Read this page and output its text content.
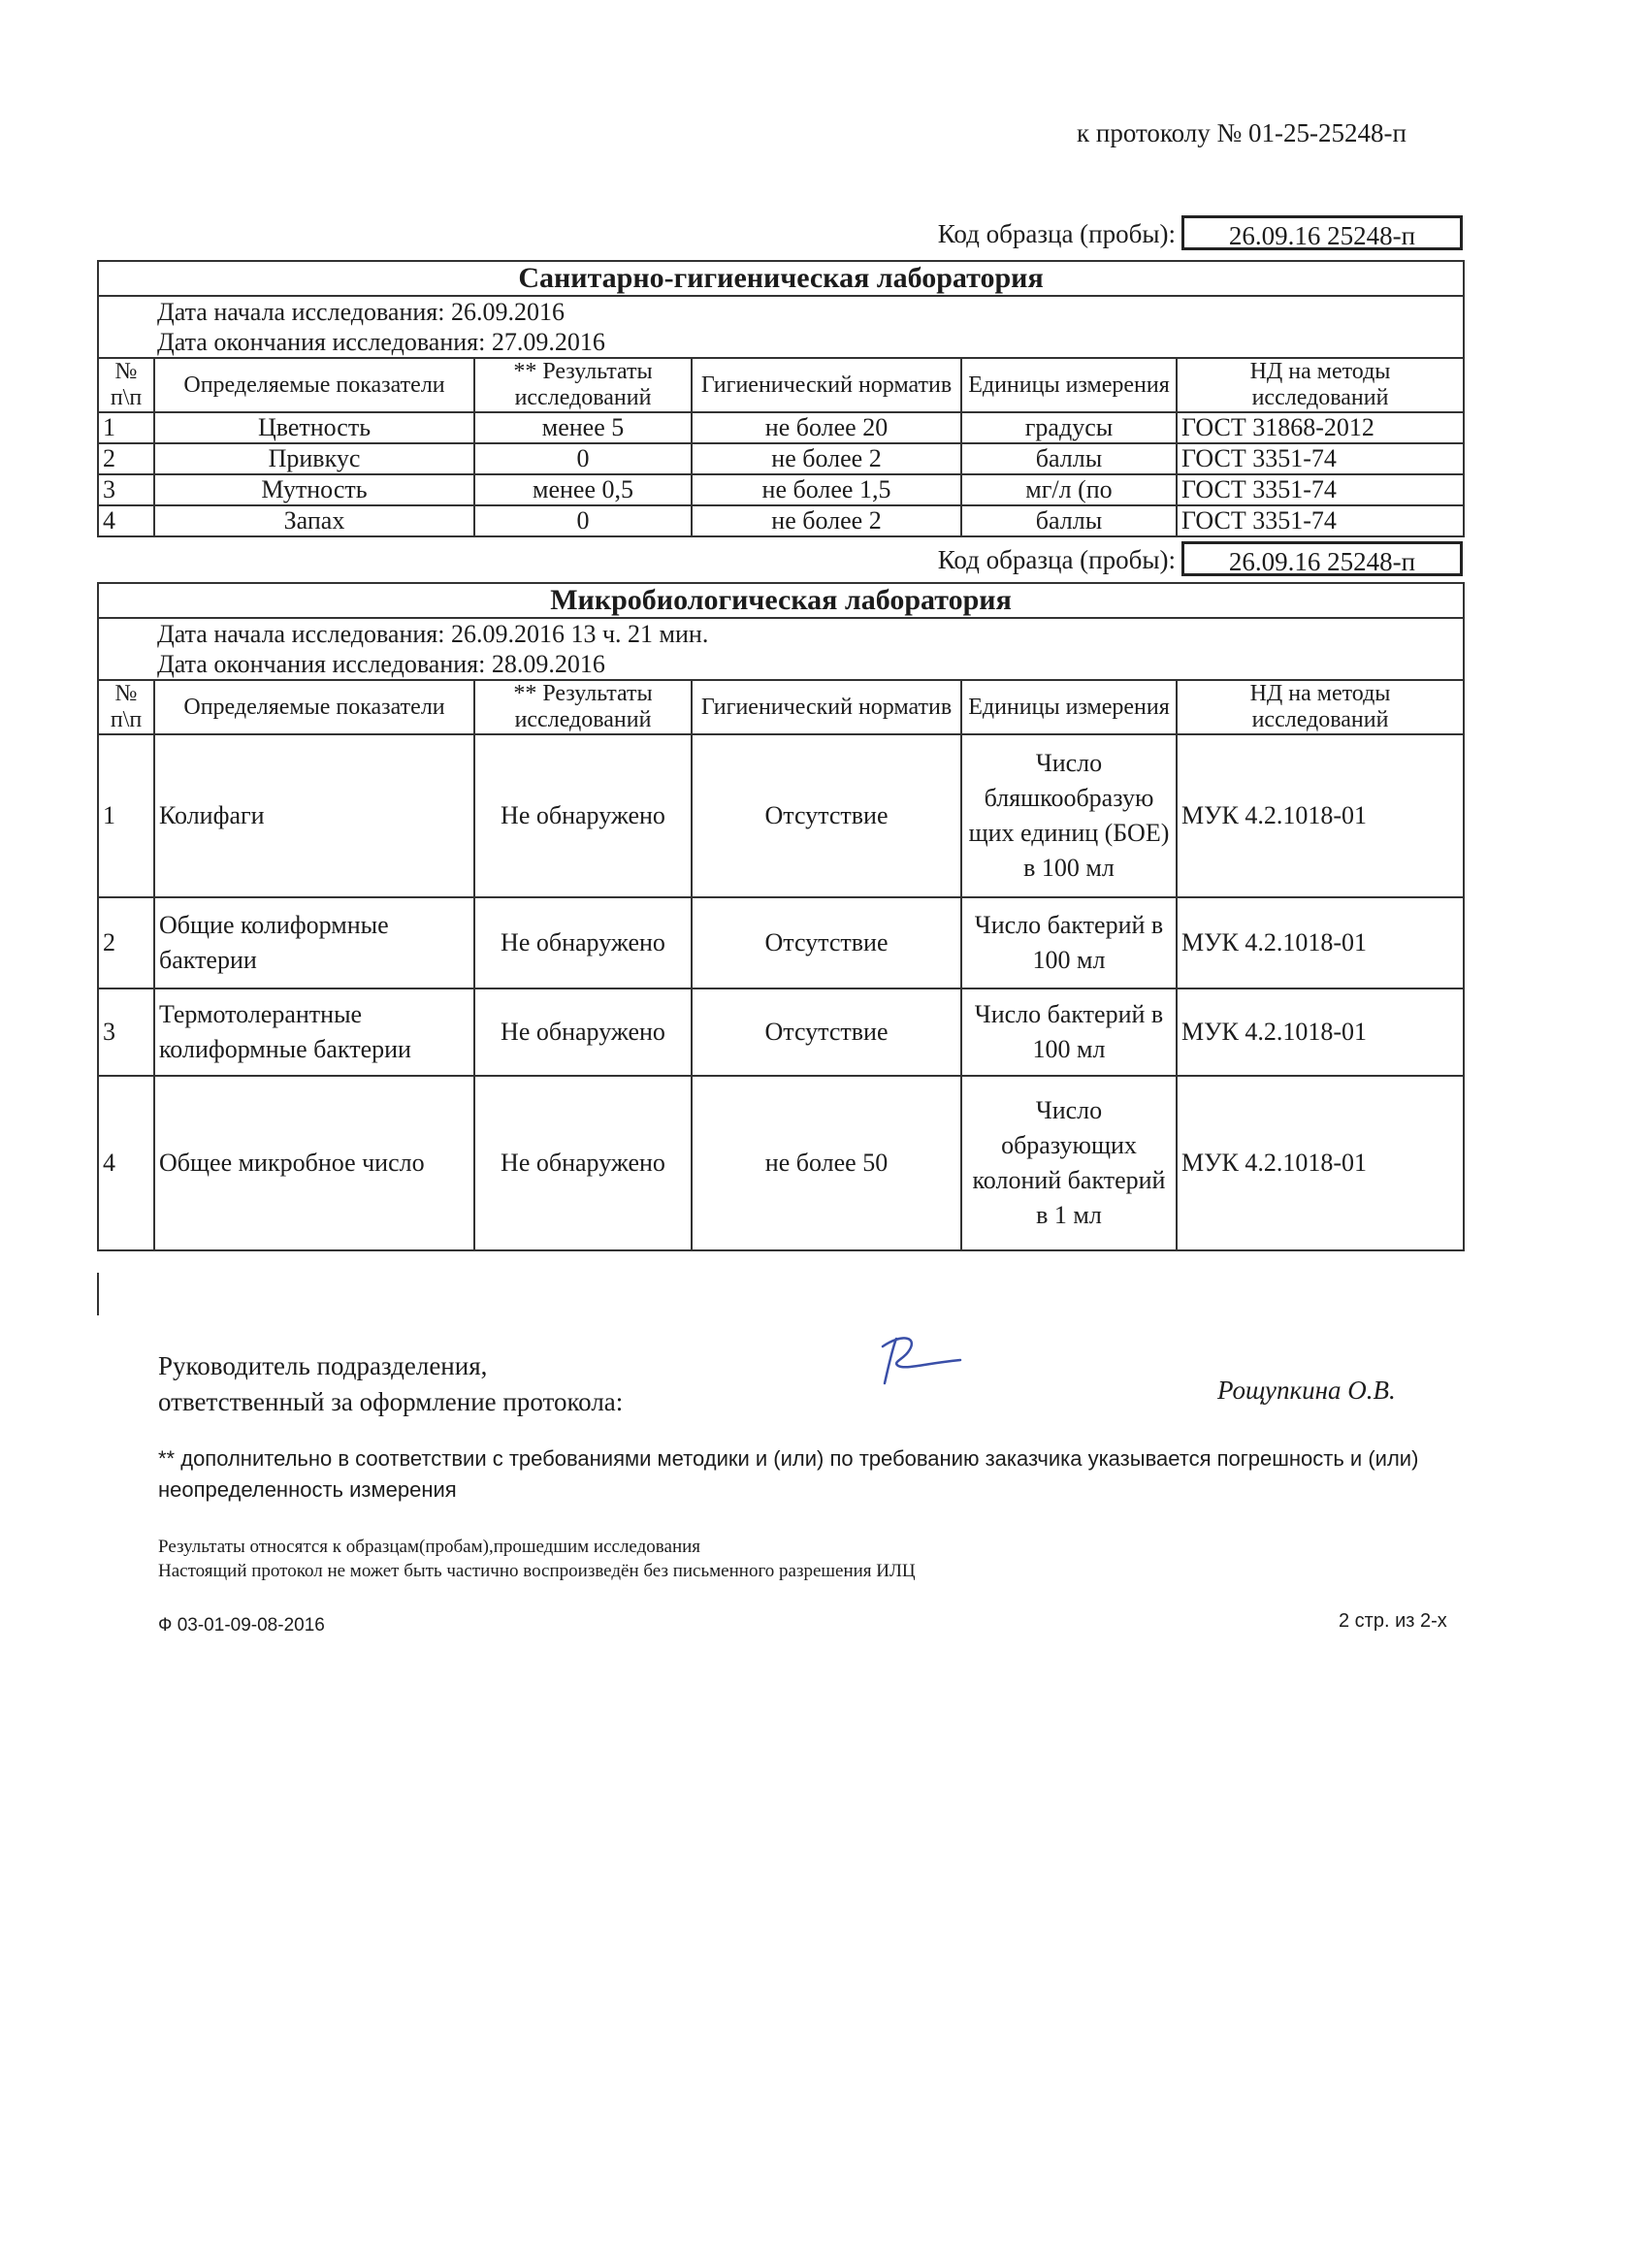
к протоколу № 01-25-25248-п
Код образца (пробы):	26.09.16 25248-п
Санитарно-гигиеническая лаборатория					

Дата начала исследования: 26.09.2016
Дата окончания исследования: 27.09.2016					

№ п\п	Определяемые показатели	** Результаты исследований	Гигиенический норматив	Единицы измерения	НД на методы исследований
1	Цветность	менее 5	не более 20	градусы	ГОСТ 31868-2012
2	Привкус	0	не более 2	баллы	ГОСТ 3351-74
3	Мутность	менее 0,5	не более 1,5	мг/л (по	ГОСТ 3351-74
4	Запах	0	не более 2	баллы	ГОСТ 3351-74
Код образца (пробы):	26.09.16 25248-п
Микробиологическая лаборатория					

Дата начала исследования: 26.09.2016 13 ч. 21 мин.
Дата окончания исследования: 28.09.2016					

№ п\п	Определяемые показатели	** Результаты исследований	Гигиенический норматив	Единицы измерения	НД на методы исследований
1	Колифаги	Не обнаружено	Отсутствие	Число бляшкообразую щих единиц (БОЕ) в 100 мл	МУК 4.2.1018-01
2	Общие колиформные бактерии	Не обнаружено	Отсутствие	Число бактерий в 100 мл	МУК 4.2.1018-01
3	Термотолерантные колиформные бактерии	Не обнаружено	Отсутствие	Число бактерий в 100 мл	МУК 4.2.1018-01
4	Общее микробное число	Не обнаружено	не более 50	Число образующих колоний бактерий в 1 мл	МУК 4.2.1018-01
Руководитель подразделения,
ответственный за оформление протокола:	Рощупкина О.В.
** дополнительно в соответствии с требованиями методики и (или) по требованию заказчика указывается погрешность и (или) неопределенность измерения
Результаты относятся к образцам(пробам),прошедшим исследования
Настоящий протокол не может быть частично воспроизведён без письменного разрешения ИЛЦ
Ф 03-01-09-08-2016	2 стр. из 2-х
